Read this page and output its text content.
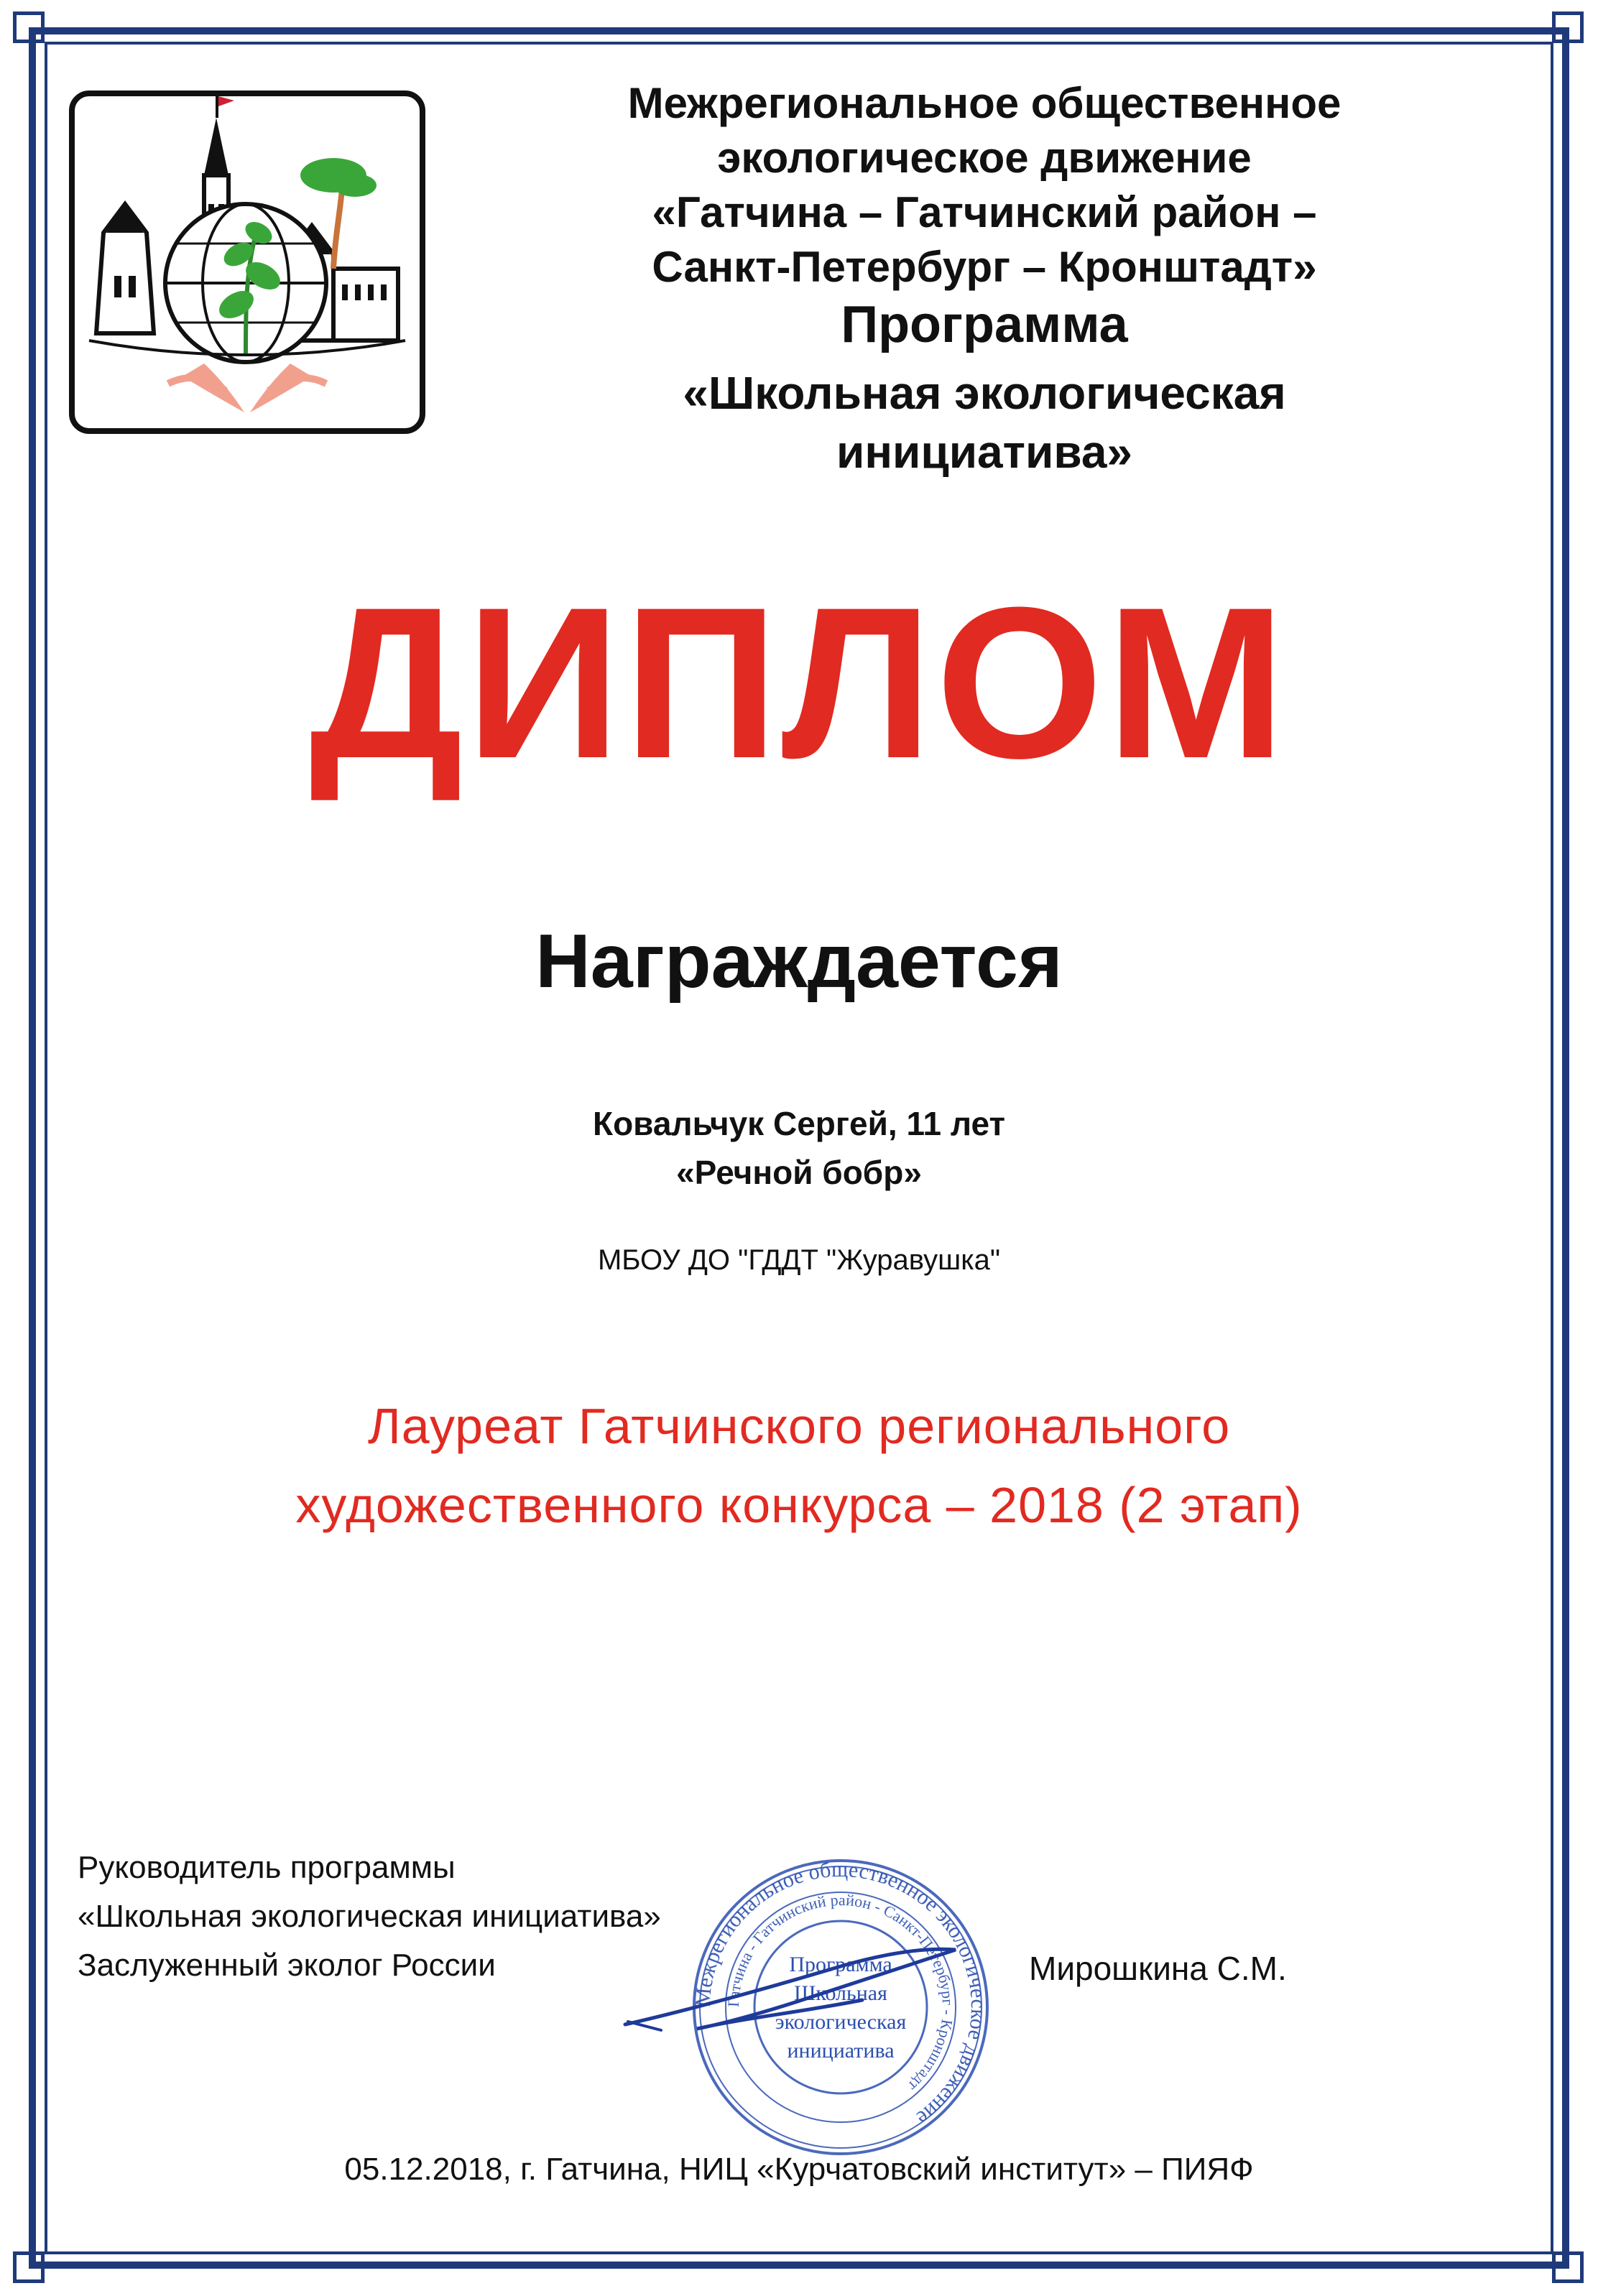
Межрегиональное общественное
экологическое движение
«Гатчина – Гатчинский район –
Санкт-Петербург – Кронштадт»
Программа
«Школьная экологическая
инициатива»
ДИПЛОМ
Награждается
Ковальчук Сергей, 11 лет
«Речной бобр»
МБОУ ДО "ГДДТ "Журавушка"
Лауреат Гатчинского регионального
художественного конкурса – 2018 (2 этап)
Руководитель программы
«Школьная экологическая инициатива»
Заслуженный эколог России
Межрегиональное общественное экологическое движение
Гатчина - Гатчинский район - Санкт-Петербург - Кронштадт
Программа
Школьная
экологическая
инициатива
Мирошкина С.М.
05.12.2018, г. Гатчина, НИЦ «Курчатовский институт» – ПИЯФ
